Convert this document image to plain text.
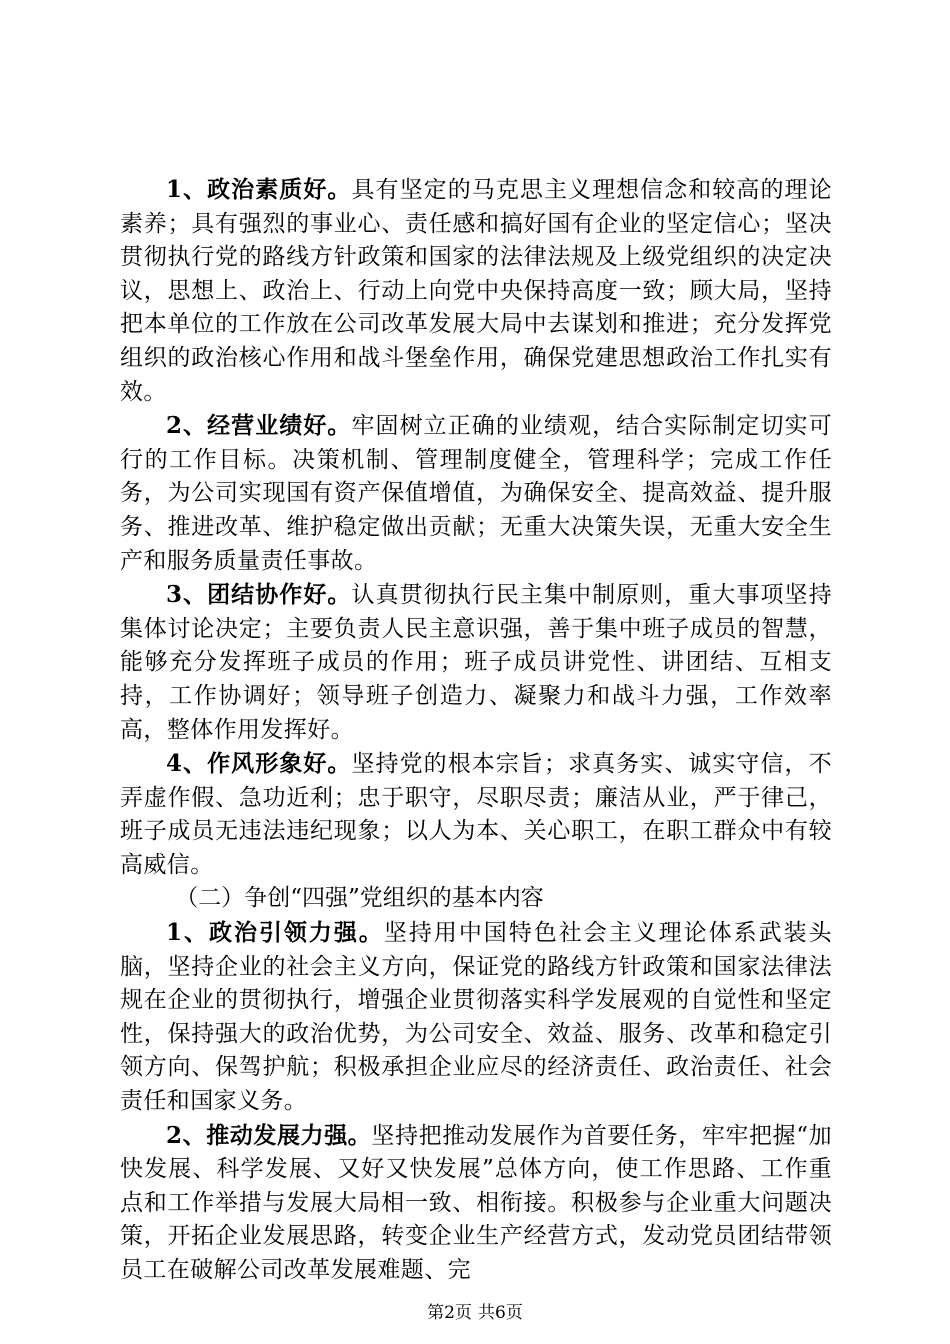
1、政治素质好。具有坚定的马克思主义理想信念和较高的理论素养；具有强烈的事业心、责任感和搞好国有企业的坚定信心；坚决贯彻执行党的路线方针政策和国家的法律法规及上级党组织的决定决议，思想上、政治上、行动上向党中央保持高度一致；顾大局，坚持把本单位的工作放在公司改革发展大局中去谋划和推进；充分发挥党组织的政治核心作用和战斗堡垒作用，确保党建思想政治工作扎实有效。

2、经营业绩好。牢固树立正确的业绩观，结合实际制定切实可行的工作目标。决策机制、管理制度健全，管理科学；完成工作任务，为公司实现国有资产保值增值，为确保安全、提高效益、提升服务、推进改革、维护稳定做出贡献；无重大决策失误，无重大安全生产和服务质量责任事故。

3、团结协作好。认真贯彻执行民主集中制原则，重大事项坚持集体讨论决定；主要负责人民主意识强，善于集中班子成员的智慧，能够充分发挥班子成员的作用；班子成员讲党性、讲团结、互相支持，工作协调好；领导班子创造力、凝聚力和战斗力强，工作效率高，整体作用发挥好。

4、作风形象好。坚持党的根本宗旨；求真务实、诚实守信，不弄虚作假、急功近利；忠于职守，尽职尽责；廉洁从业，严于律己，班子成员无违法违纪现象；以人为本、关心职工，在职工群众中有较高威信。

（二）争创“四强”党组织的基本内容

1、政治引领力强。坚持用中国特色社会主义理论体系武装头脑，坚持企业的社会主义方向，保证党的路线方针政策和国家法律法规在企业的贯彻执行，增强企业贯彻落实科学发展观的自觉性和坚定性，保持强大的政治优势，为公司安全、效益、服务、改革和稳定引领方向、保驾护航；积极承担企业应尽的经济责任、政治责任、社会责任和国家义务。

2、推动发展力强。坚持把推动发展作为首要任务，牢牢把握“加快发展、科学发展、又好又快发展”总体方向，使工作思路、工作重点和工作举措与发展大局相一致、相衔接。积极参与企业重大问题决策，开拓企业发展思路，转变企业生产经营方式，发动党员团结带领员工在破解公司改革发展难题、完

第2页 共6页
